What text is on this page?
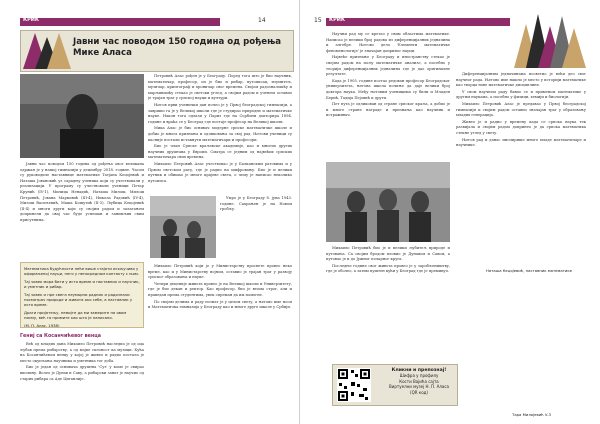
КРИК	14
Јавни час поводом 150 година од рођења Мике Аласа

Јавни час поводом 150 година од рођења овог великана одржан је у нашој гимназији у децембру 2018. године. Часом су руководиле наставнице математике Татјана Кецојевић и Наташа Јовановић уз сарадњу ученика који су учествовали у реализацији. У програму су учествовали ученици Петар Крунић (IV-1), Милица Ненадић, Наташа Милош, Милош Петровић, Јована Марковић (III-4), Никола Радовић (IV-4), Милош Васиљевић, Маша Кошутић (II-3), Љубица Кецојевић (II-4) и многи други који су својим радом и залагањем допринели да овај час буде успешан и занимљив свим присутнима.

Математика будућности неће више стајати искључиво у оформљеној науци, него у непосредном контакту с њом.

Тај човек мора бити у исто време и наставник и научник, и уметник и рибар.

Тај човек и пре свега неуморни радник и радознали посматрач природе и живота око себе, а наставник у исто време.

Драги пријатељу, немојте да ми замерите на овом писму, већ га примите као што је написано.

(М. П. Алас, 1938)

Гениј са Косанчићевог венца

Већ од младих дана Михаило Петровић наследио је од оца љубав према рибарству, а од мајке склоност ка музици. Кућа на Косанчићевом венцу у којој је живео и радио постала је место окупљања научника и уметника тог доба.

Био је један од оснивача друштва 'Суз' у коме је свирао виолину. Волео је Дунав и Саву, а рибарски занат је научио од старих рибара са Аде Циганлије.

Петровић Алас рођен је у Београду. Поред тога што је био научник, математичар, професор, он је био и рибар, путописац, изумитељ, музичар, криптограф и хроничар свог времена. Својом радозналошћу и марљивошћу стекао је светски углед, а својим радом и учењем оставио је трајан траг у српској науци и култури.

Његов први ученички дан почео је у Првој београдској гимназији, а завршио га је у Великој школи где је студирао природне и математичке науке. Након тога одлази у Париз где на Сорбони докторира 1894. године и враћа се у Београд где постаје професор на Великој школи.

Мика Алас је био оснивач модерне српске математичке школе и добио је многа признања и одликовања за свој рад. Његови ученици су касније постали истакнути математичари и професори.

Био је члан Српске краљевске академије, као и многих других научних друштава у Европи. Сматра се једним од највећих српских математичара свих времена.

Михаило Петровић Алас учествовао је у Балканским ратовима и у Првом светском рату, где је радио на шифровању. Био је и велики путник и обишао је многе крајеве света, о чему је написао неколико путописа.

Умро је у Београду 8. јуна 1943. године. Сахрањен је на Новом гробљу.

Михаило Петровић који је у Министарству просвете провео неко време, као и у Министарству војном, оставио је трајан траг у развоју српског образовања и науке.

Четири деценије живота провео је на Великој школи и Универзитету, где је био декан и ректор. Као професор, био је веома строг, али и праведан према студентима, увек спреман да им помогне.

По својим делима и раду познат је у целом свету, а његово име носи и Математичка гимназија у Београду као и многе друге школе у Србији.

15 КРИК

Научни рад му се кретао у свим областима математике. Написао је велики број радова из диференцијалних једначина и алгебре. Његово дело 'Елементи математичке феноменологије' је значајан допринос науци.

Највеће признање у Београду и иностранству стекао је својим радом на пољу математичке анализе, а посебно у теорији диференцијалних једначина где је дао оригиналне резултате.

Када је 1905. године постао редован професор Београдског универзитета, његова школа почиње да даје велики број доктора наука. Међу његовим ученицима су били и Младен Берић, Тадија Пејовић и други.

Пет пута је одликован од стране српског краља, а добио је и многе стране награде и признања као научник и истраживач.

Михаило Петровић био је и велики љубитељ природе и путовања. Са својим бродом пловио је Дунавом и Савом, а путовао је и до Јужног поларног круга.

Последње године свог живота провео је у заробљеништву, где је оболео, а затим пуштен кући у Београд где је преминуо.

Кликни и препознај!
Шифра у профилу
Кости Вајића сајта
Виртуелни музеј Н. П. Аласа (QR код)

Диференцијалним једначинама посветио је већи део свог научног рада. Његово име нашло је место у историји математике као творца нове математичке дисциплине.

У свом научном раду бавио се и применом математике у другим наукама, а посебно у физици, хемији и биологији.

Михаило Петровић Алас је предавао у Првој београдској гимназији и својим радом оставио значајан траг у образовању младих генерација.

Живео је и радио у времену када се српска наука тек развијала и својим радом допринео је да српска математика стекне углед у свету.

Његов рад и данас инспирише многе младе математичаре и научнике.

Наташа Кецојевић, наставник математике
Тара Милојевић V-3
